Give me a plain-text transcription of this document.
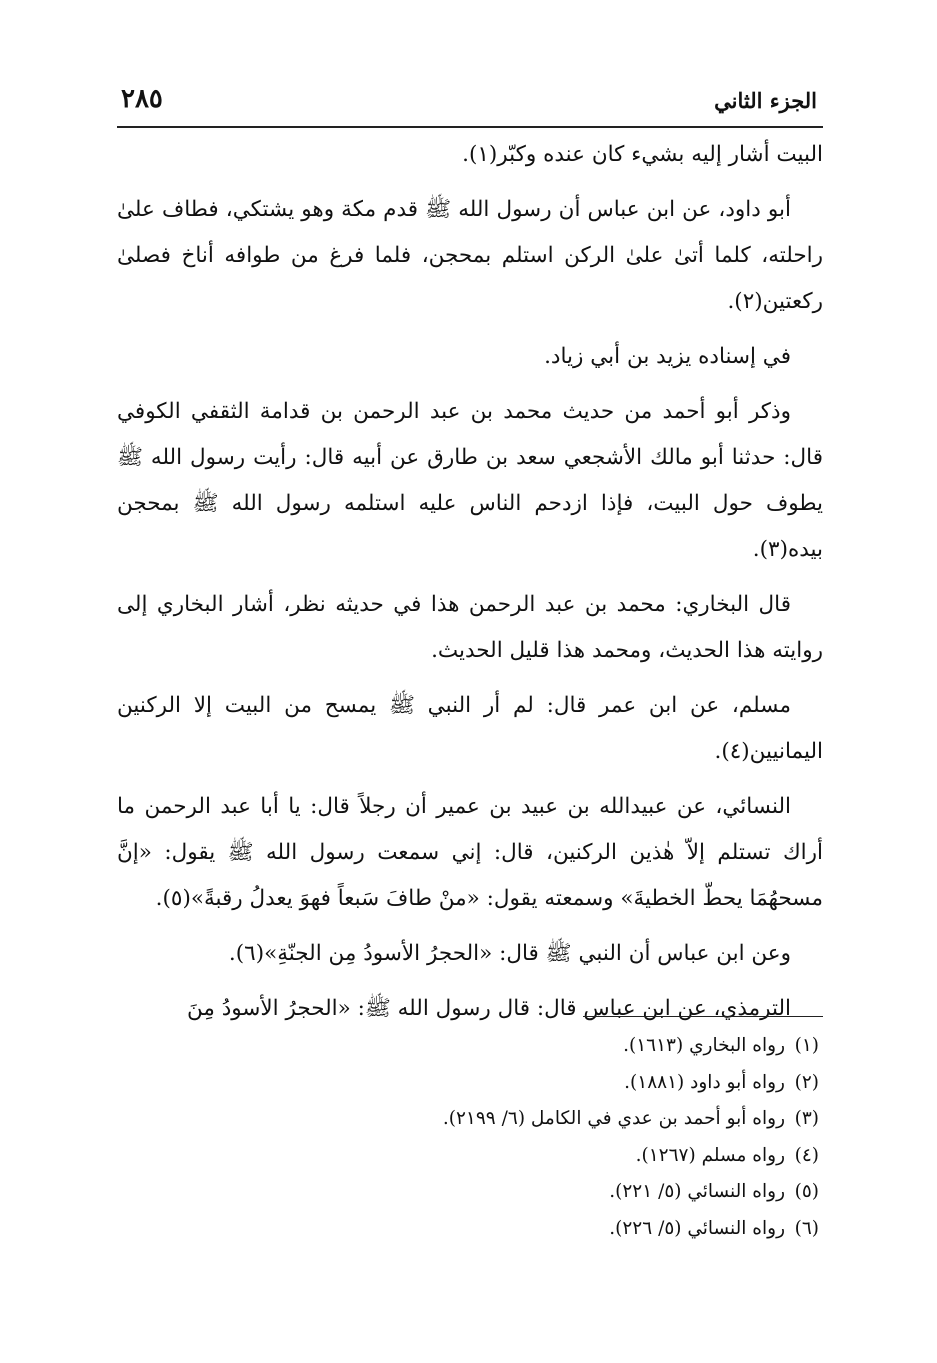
الجزء الثاني
٢٨٥

البيت أشار إليه بشيء كان عنده وكبّر(١).

أبو داود، عن ابن عباس أن رسول الله ﷺ قدم مكة وهو يشتكي، فطاف علىٰ راحلته، كلما أتىٰ علىٰ الركن استلم بمحجن، فلما فرغ من طوافه أناخ فصلىٰ ركعتين(٢).

في إسناده يزيد بن أبي زياد.

وذكر أبو أحمد من حديث محمد بن عبد الرحمن بن قدامة الثقفي الكوفي قال: حدثنا أبو مالك الأشجعي سعد بن طارق عن أبيه قال: رأيت رسول الله ﷺ يطوف حول البيت، فإذا ازدحم الناس عليه استلمه رسول الله ﷺ بمحجن بيده(٣).

قال البخاري: محمد بن عبد الرحمن هذا في حديثه نظر، أشار البخاري إلى روايته هذا الحديث، ومحمد هذا قليل الحديث.

مسلم، عن ابن عمر قال: لم أر النبي ﷺ يمسح من البيت إلا الركنين اليمانيين(٤).

النسائي، عن عبيدالله بن عبيد بن عمير أن رجلاً قال: يا أبا عبد الرحمن ما أراك تستلم إلاّ هٰذين الركنين، قال: إني سمعت رسول الله ﷺ يقول: «إنَّ مسحهُمَا يحطّ الخطيةَ» وسمعته يقول: «منْ طافَ سَبعاً فهوَ يعدلُ رقبةً»(٥).

وعن ابن عباس أن النبي ﷺ قال: «الحجرُ الأسودُ مِن الجنّةِ»(٦).

الترمذي، عن ابن عباس قال: قال رسول الله ﷺ: «الحجرُ الأسودُ مِنَ

(١)رواه البخاري (١٦١٣).

(٢)رواه أبو داود (١٨٨١).

(٣)رواه أبو أحمد بن عدي في الكامل (٦/ ٢١٩٩).

(٤)رواه مسلم (١٢٦٧).

(٥)رواه النسائي (٥/ ٢٢١).

(٦)رواه النسائي (٥/ ٢٢٦).
